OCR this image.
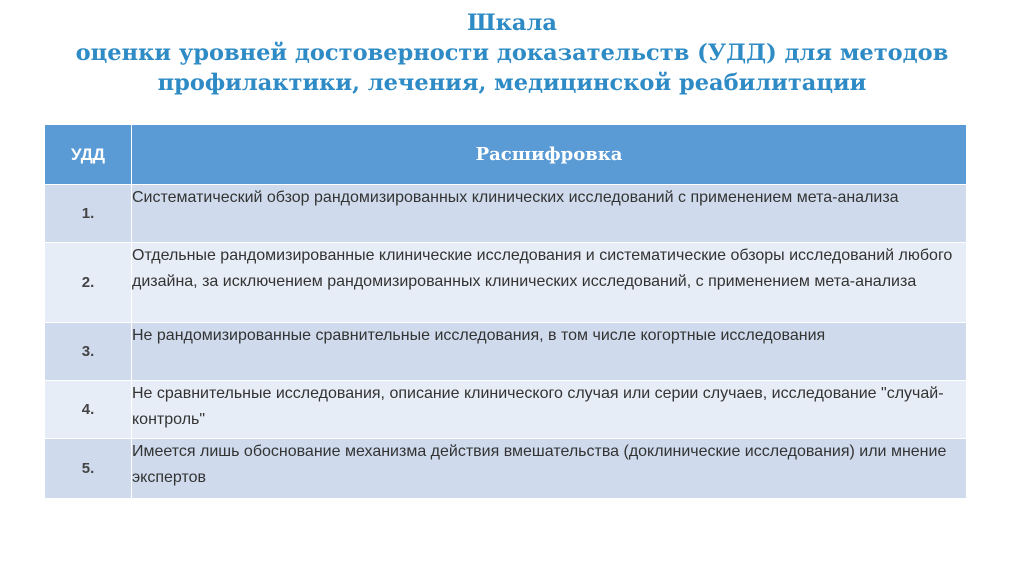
Шкала
оценки уровней достоверности доказательств (УДД) для методов
профилактики, лечения, медицинской реабилитации
УДД	Расшифровка
1.	Систематический обзор рандомизированных клинических исследований с применением мета-анализа
2.	Отдельные рандомизированные клинические исследования и систематические обзоры исследований любого дизайна, за исключением рандомизированных клинических исследований, с применением мета-анализа
3.	Не рандомизированные сравнительные исследования, в том числе когортные исследования
4.	Не сравнительные исследования, описание клинического случая или серии случаев, исследование "случай-контроль"
5.	Имеется лишь обоснование механизма действия вмешательства (доклинические исследования) или мнение экспертов
